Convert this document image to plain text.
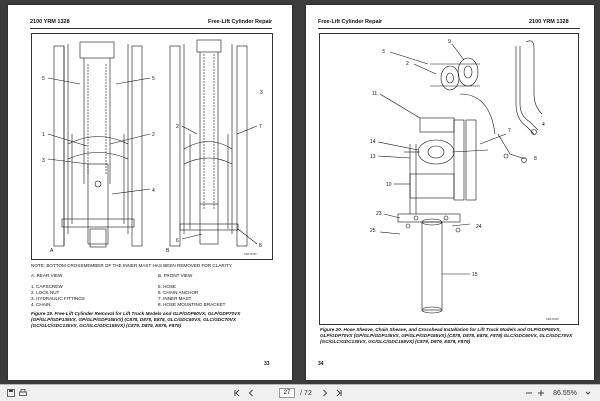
2100 YRM 1328	Free-Lift Cylinder Repair
5	5
1	2
3
4
2	7
6
8
3
A	B
SM170155
NOTE: BOTTOM CROSSMEMBER OF THE INNER MAST HAS BEEN REMOVED FOR CLARITY.
A. REAR VIEW	B. FRONT VIEW
1. CAPSCREW
2. LOCK NUT
3. HYDRAULIC FITTINGS
4. CHAIN
5. HOSE
6. CHAIN ANCHOR
7. INNER MAST
8. HOSE MOUNTING BRACKET
Figure 19. Free-Lift Cylinder Removal for Lift Truck Models and GLP/GDP60VX, GLP/GDP70VX (GP/GLP/GDP135VX, GP/GLP/GDP155VX) (C878, D878, E878, GLC/GDC60VX, GLC/GDC70VX (GC/GLC/GDC135VX, GC/GLC/GDC155VX) (C879, D879, E879, F879)
33
Free-Lift Cylinder Repair	2100 YRM 1328
3
2
9
11
14
13
10
23
25
15
7
8
4
24
SM170158
Figure 20. Hose Sheave, Chain Sheave, and Crosshead Installation for Lift Truck Models and GLP/GDP60VX, GLP/GDP70VX (GP/GLP/GDP135VX, GP/GLP/GDP155VX) (C878, D878, E878, F878) GLC/GDC60VX, GLC/GDC70VX (GC/GLC/GDC135VX, GC/GLC/GDC155VX) (C879, D879, E879, F879)
34
27
/ 72	86.55%
